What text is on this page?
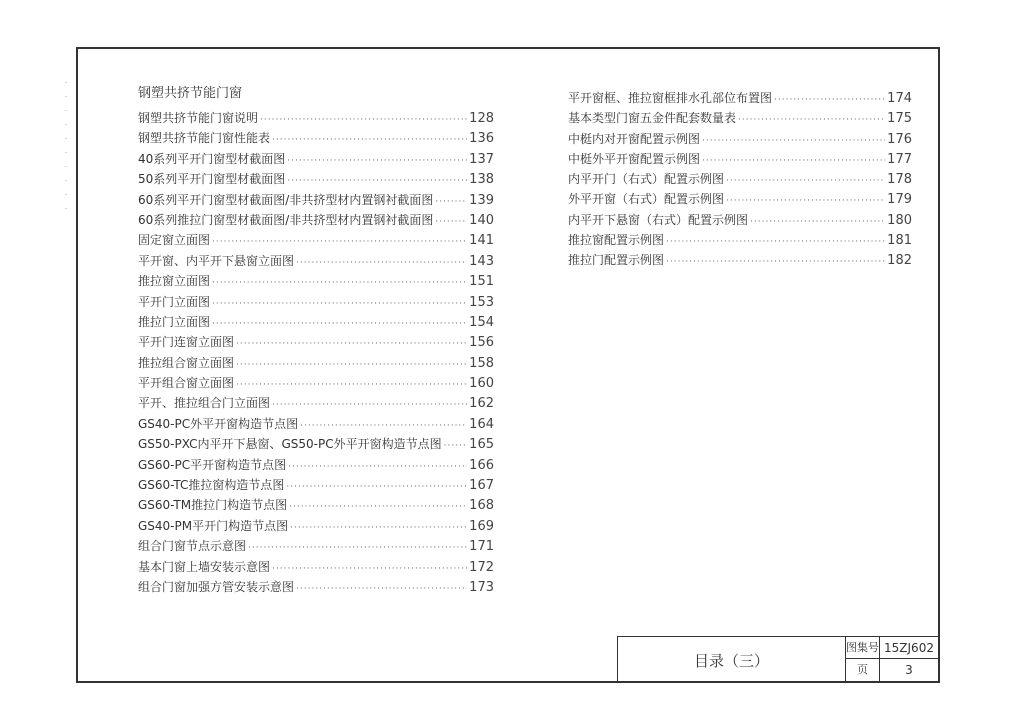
·
·
·
·
·
·
·
·
·
·
钢塑共挤节能门窗
钢塑共挤节能门窗说明 ·····	128
钢塑共挤节能门窗性能表 ·····	136
40系列平开门窗型材截面图 ·····	137
50系列平开门窗型材截面图 ·····	138
60系列平开门窗型材截面图/非共挤型材内置钢衬截面图 ·····	139
60系列推拉门窗型材截面图/非共挤型材内置钢衬截面图 ·····	140
固定窗立面图 ·····	141
平开窗、内平开下悬窗立面图 ·····	143
推拉窗立面图 ·····	151
平开门立面图 ·····	153
推拉门立面图 ·····	154
平开门连窗立面图 ·····	156
推拉组合窗立面图 ·····	158
平开组合窗立面图 ·····	160
平开、推拉组合门立面图 ·····	162
GS40-PC外平开窗构造节点图 ·····	164
GS50-PXC内平开下悬窗、GS50-PC外平开窗构造节点图 ····· 165
GS60-PC平开窗构造节点图 ·····	166
GS60-TC推拉窗构造节点图 ·····	167
GS60-TM推拉门构造节点图 ·····	168
GS40-PM平开门构造节点图 ·····	169
组合门窗节点示意图 ·····	171
基本门窗上墙安装示意图 ·····	172
组合门窗加强方管安装示意图 ·····	173
平开窗框、推拉窗框排水孔部位布置图 ·····	174
基本类型门窗五金件配套数量表 ·····	175
中梃内对开窗配置示例图 ·····	176
中梃外平开窗配置示例图 ·····	177
内平开门（右式）配置示例图 ·····	178
外平开窗（右式）配置示例图 ·····	179
内平开下悬窗（右式）配置示例图 ·····	180
推拉窗配置示例图 ·····	181
推拉门配置示例图 ·····	182
目录（三）
图集号 15ZJ602
页	3
